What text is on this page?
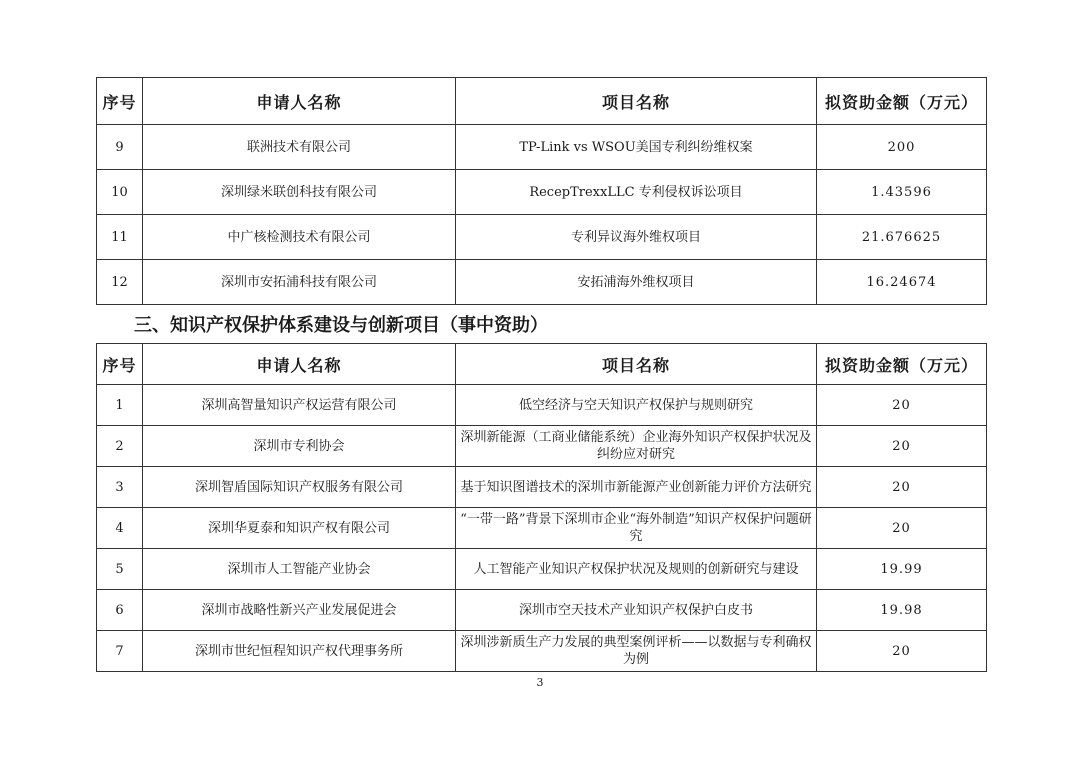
序号	申请人名称	项目名称	拟资助金额（万元）
9	联洲技术有限公司	TP-Link vs WSOU美国专利纠纷维权案	200
10	深圳绿米联创科技有限公司	RecepTrexxLLC 专利侵权诉讼项目	1.43596
11	中广核检测技术有限公司	专利异议海外维权项目	21.676625
12	深圳市安拓浦科技有限公司	安拓浦海外维权项目	16.24674
三、知识产权保护体系建设与创新项目（事中资助）
序号	申请人名称	项目名称	拟资助金额（万元）
1	深圳高智量知识产权运营有限公司	低空经济与空天知识产权保护与规则研究	20
2	深圳市专利协会	深圳新能源（工商业储能系统）企业海外知识产权保护状况及纠纷应对研究	20
3	深圳智盾国际知识产权服务有限公司	基于知识图谱技术的深圳市新能源产业创新能力评价方法研究	20
4	深圳华夏泰和知识产权有限公司	“一带一路”背景下深圳市企业“海外制造”知识产权保护问题研究	20
5	深圳市人工智能产业协会	人工智能产业知识产权保护状况及规则的创新研究与建设	19.99
6	深圳市战略性新兴产业发展促进会	深圳市空天技术产业知识产权保护白皮书	19.98
7	深圳市世纪恒程知识产权代理事务所	深圳涉新质生产力发展的典型案例评析——以数据与专利确权为例	20
3
